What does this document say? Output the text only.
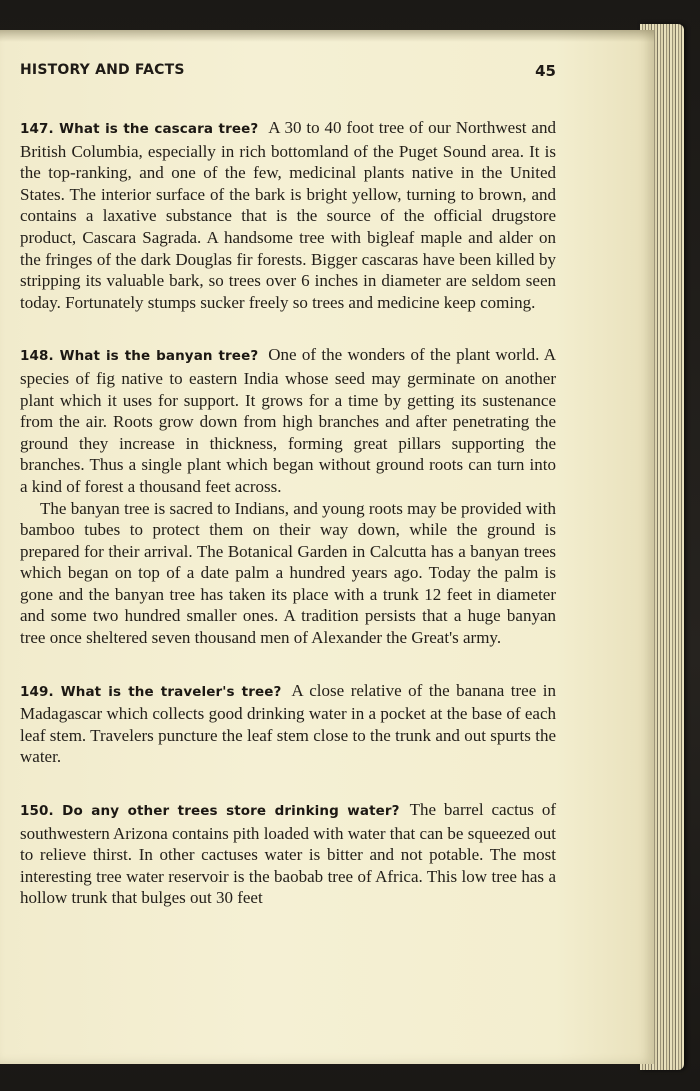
HISTORY AND FACTS	45

147. What is the cascara tree? A 30 to 40 foot tree of our Northwest and British Columbia, especially in rich bottomland of the Puget Sound area. It is the top-ranking, and one of the few, medicinal plants native in the United States. The interior surface of the bark is bright yellow, turning to brown, and contains a laxative substance that is the source of the official drugstore product, Cascara Sagrada. A handsome tree with bigleaf maple and alder on the fringes of the dark Douglas fir forests. Bigger cascaras have been killed by stripping its valuable bark, so trees over 6 inches in diameter are seldom seen today. Fortunately stumps sucker freely so trees and medicine keep coming.

148. What is the banyan tree? One of the wonders of the plant world. A species of fig native to eastern India whose seed may germinate on another plant which it uses for support. It grows for a time by getting its sustenance from the air. Roots grow down from high branches and after penetrating the ground they increase in thickness, forming great pillars supporting the branches. Thus a single plant which began without ground roots can turn into a kind of forest a thousand feet across.

The banyan tree is sacred to Indians, and young roots may be provided with bamboo tubes to protect them on their way down, while the ground is prepared for their arrival. The Botanical Garden in Calcutta has a banyan trees which began on top of a date palm a hundred years ago. Today the palm is gone and the banyan tree has taken its place with a trunk 12 feet in diameter and some two hundred smaller ones. A tradition persists that a huge banyan tree once sheltered seven thousand men of Alexander the Great's army.

149. What is the traveler's tree? A close relative of the banana tree in Madagascar which collects good drinking water in a pocket at the base of each leaf stem. Travelers puncture the leaf stem close to the trunk and out spurts the water.

150. Do any other trees store drinking water? The barrel cactus of southwestern Arizona contains pith loaded with water that can be squeezed out to relieve thirst. In other cactuses water is bitter and not potable. The most interesting tree water reservoir is the baobab tree of Africa. This low tree has a hollow trunk that bulges out 30 feet
